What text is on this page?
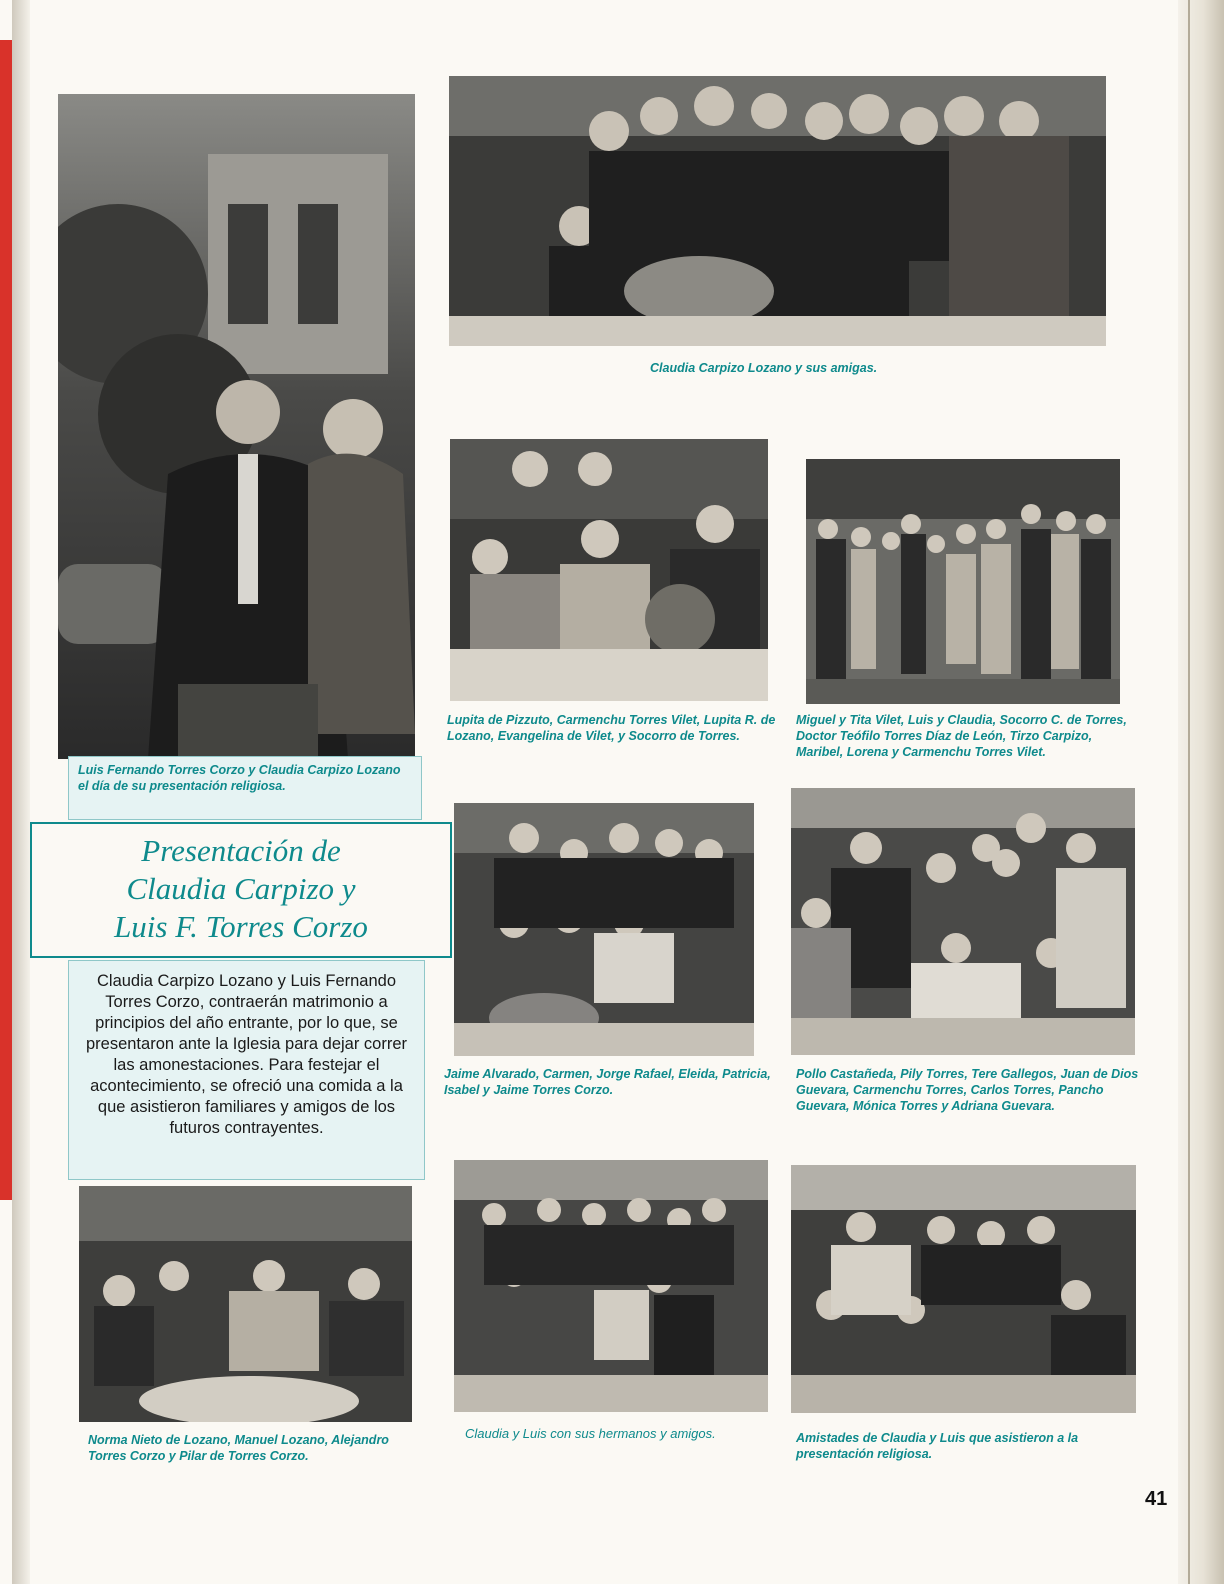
Luis Fernando Torres Corzo y Claudia Carpizo Lozano el día de su presentación religiosa.

Claudia Carpizo Lozano y sus amigas.

Lupita de Pizzuto, Carmenchu Torres Vilet, Lupita R. de Lozano, Evangelina de Vilet, y Socorro de Torres.

Miguel y Tita Vilet, Luis y Claudia, Socorro C. de Torres, Doctor Teófilo Torres Díaz de León, Tirzo Carpizo, Maribel, Lorena y Carmenchu Torres Vilet.

Jaime Alvarado, Carmen, Jorge Rafael, Eleida, Patricia, Isabel y Jaime Torres Corzo.

Pollo Castañeda, Pily Torres, Tere Gallegos, Juan de Dios Guevara, Carmenchu Torres, Carlos Torres, Pancho Guevara, Mónica Torres y Adriana Guevara.

Presentación de
Claudia Carpizo y
Luis F. Torres Corzo

Claudia Carpizo Lozano y Luis Fernando Torres Corzo, contraerán matrimonio a principios del año entrante, por lo que, se presentaron ante la Iglesia para dejar correr las amonestaciones. Para festejar el acontecimiento, se ofreció una comida a la que asistieron familiares y amigos de los futuros contrayentes.

Norma Nieto de Lozano, Manuel Lozano, Alejandro Torres Corzo y Pilar de Torres Corzo.

Claudia y Luis con sus hermanos y amigos.	Amistades de Claudia y Luis que asistieron a la presentación religiosa.

41
